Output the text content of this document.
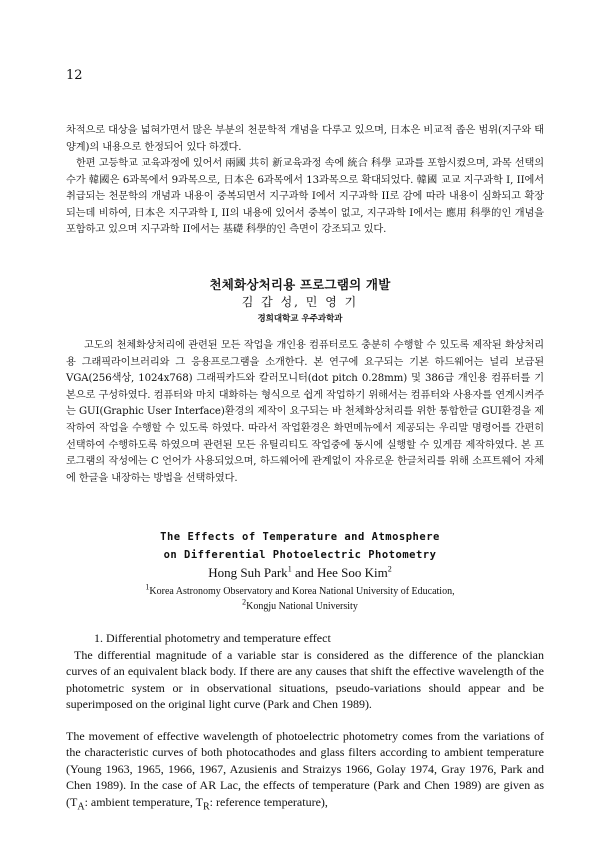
12

차적으로 대상을 넓혀가면서 많은 부분의 천문학적 개념을 다루고 있으며, 日本은 비교적 좁은 범위(지구와 태양계)의 내용으로 한정되어 있다 하겠다.

한편 고등학교 교육과정에 있어서 兩國 共히 新교육과정 속에 統合 科學 교과를 포함시켰으며, 과목 선택의 수가 韓國은 6과목에서 9과목으로, 日本은 6과목에서 13과목으로 확대되었다. 韓國 교교 지구과학 I, II에서 취급되는 천문학의 개념과 내용이 중복되면서 지구과학 I에서 지구과학 II로 감에 따라 내용이 심화되고 확장되는데 비하여, 日本은 지구과학 I, II의 내용에 있어서 중복이 없고, 지구과학 I에서는 應用 科學的인 개념을 포함하고 있으며 지구과학 II에서는 基礎 科學的인 측면이 강조되고 있다.

천체화상처리용 프로그램의 개발

김 갑 성, 민 영 기

경희대학교 우주과학과

고도의 천체화상처리에 관련된 모든 작업을 개인용 컴퓨터로도 충분히 수행할 수 있도록 제작된 화상처리용 그래픽라이브러리와 그 응용프로그램을 소개한다. 본 연구에 요구되는 기본 하드웨어는 널리 보급된 VGA(256색상, 1024x768) 그래픽카드와 칼러모니터(dot pitch 0.28mm) 및 386급 개인용 컴퓨터를 기본으로 구성하였다. 컴퓨터와 마치 대화하는 형식으로 쉽게 작업하기 위해서는 컴퓨터와 사용자를 연계시켜주는 GUI(Graphic User Interface)환경의 제작이 요구되는 바 천체화상처리를 위한 통합한글 GUI환경을 제작하여 작업을 수행할 수 있도록 하였다. 따라서 작업환경은 화면메뉴에서 제공되는 우리말 명령어를 간편히 선택하여 수행하도록 하였으며 관련된 모든 유틸리티도 작업중에 동시에 실행할 수 있게끔 제작하였다. 본 프로그램의 작성에는 C 언어가 사용되었으며, 하드웨어에 관계없이 자유로운 한글처리를 위해 소프트웨어 자체에 한글을 내장하는 방법을 선택하였다.

The Effects of Temperature and Atmosphere

on Differential Photoelectric Photometry

Hong Suh Park$^1$ and Hee Soo Kim$^2$

$^1$Korea Astronomy Observatory and Korea National University of Education,

$^2$Kongju National University

1. Differential photometry and temperature effect

The differential magnitude of a variable star is considered as the difference of the planckian curves of an equivalent black body. If there are any causes that shift the effective wavelength of the photometric system or in observational situations, pseudo-variations should appear and be superimposed on the original light curve (Park and Chen 1989).

The movement of effective wavelength of photoelectric photometry comes from the variations of the characteristic curves of both photocathodes and glass filters according to ambient temperature (Young 1963, 1965, 1966, 1967, Azusienis and Straizys 1966, Golay 1974, Gray 1976, Park and Chen 1989). In the case of AR Lac, the effects of temperature (Park and Chen 1989) are given as ($T_A$: ambient temperature, $T_R$: reference temperature),
